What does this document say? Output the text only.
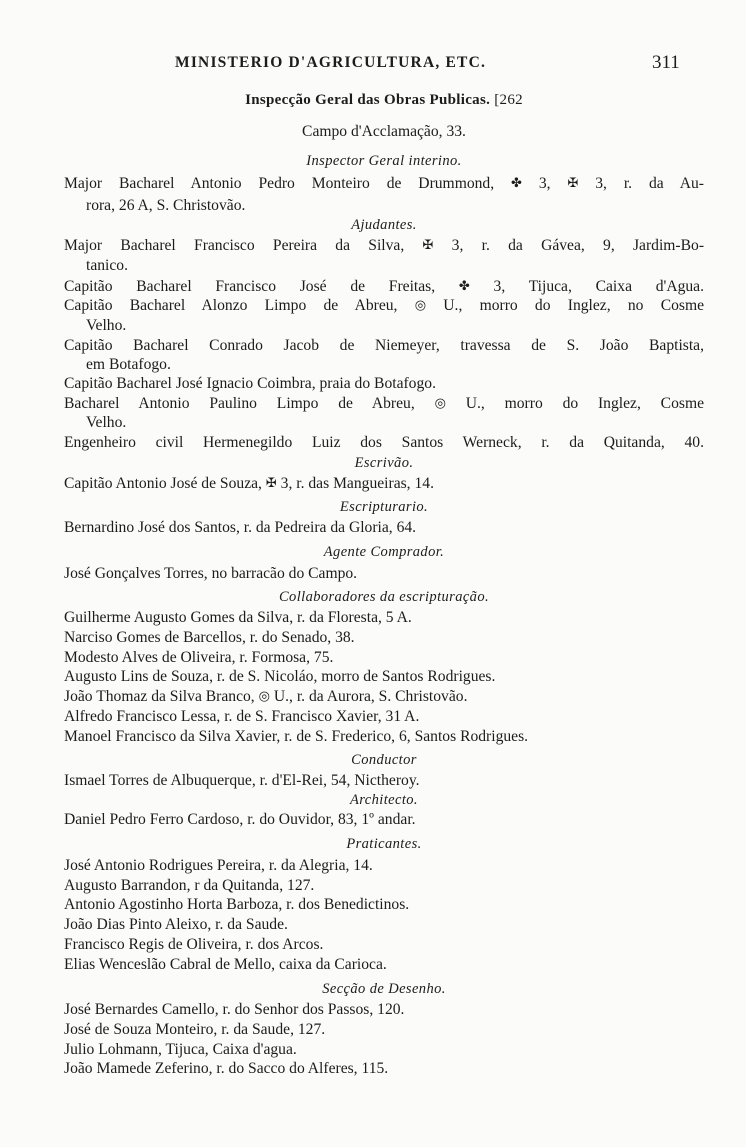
MINISTERIO D'AGRICULTURA, ETC.	311
Inspecção Geral das Obras Publicas. [262
Campo d'Acclamação, 33.
Inspector Geral interino.
Major Bacharel Antonio Pedro Monteiro de Drummond, ✤ 3, ✠ 3, r. da Au-
rora, 26 A, S. Christovão.
Ajudantes.
Major Bacharel Francisco Pereira da Silva, ✠ 3, r. da Gávea, 9, Jardim-Bo-
tanico.
Capitão Bacharel Francisco José de Freitas, ✤ 3, Tijuca, Caixa d'Agua.
Capitão Bacharel Alonzo Limpo de Abreu, ◎ U., morro do Inglez, no Cosme
Velho.
Capitão Bacharel Conrado Jacob de Niemeyer, travessa de S. João Baptista,
em Botafogo.
Capitão Bacharel José Ignacio Coimbra, praia do Botafogo.
Bacharel Antonio Paulino Limpo de Abreu, ◎ U., morro do Inglez, Cosme
Velho.
Engenheiro civil Hermenegildo Luiz dos Santos Werneck, r. da Quitanda, 40.
Escrivão.
Capitão Antonio José de Souza, ✠ 3, r. das Mangueiras, 14.
Escripturario.
Bernardino José dos Santos, r. da Pedreira da Gloria, 64.
Agente Comprador.
José Gonçalves Torres, no barracão do Campo.
Collaboradores da escripturação.
Guilherme Augusto Gomes da Silva, r. da Floresta, 5 A.
Narciso Gomes de Barcellos, r. do Senado, 38.
Modesto Alves de Oliveira, r. Formosa, 75.
Augusto Lins de Souza, r. de S. Nicoláo, morro de Santos Rodrigues.
João Thomaz da Silva Branco, ◎ U., r. da Aurora, S. Christovão.
Alfredo Francisco Lessa, r. de S. Francisco Xavier, 31 A.
Manoel Francisco da Silva Xavier, r. de S. Frederico, 6, Santos Rodrigues.
Conductor
Ismael Torres de Albuquerque, r. d'El-Rei, 54, Nictheroy.
Architecto.
Daniel Pedro Ferro Cardoso, r. do Ouvidor, 83, 1º andar.
Praticantes.
José Antonio Rodrigues Pereira, r. da Alegria, 14.
Augusto Barrandon, r da Quitanda, 127.
Antonio Agostinho Horta Barboza, r. dos Benedictinos.
João Dias Pinto Aleixo, r. da Saude.
Francisco Regis de Oliveira, r. dos Arcos.
Elias Wenceslão Cabral de Mello, caixa da Carioca.
Secção de Desenho.
José Bernardes Camello, r. do Senhor dos Passos, 120.
José de Souza Monteiro, r. da Saude, 127.
Julio Lohmann, Tijuca, Caixa d'agua.
João Mamede Zeferino, r. do Sacco do Alferes, 115.
